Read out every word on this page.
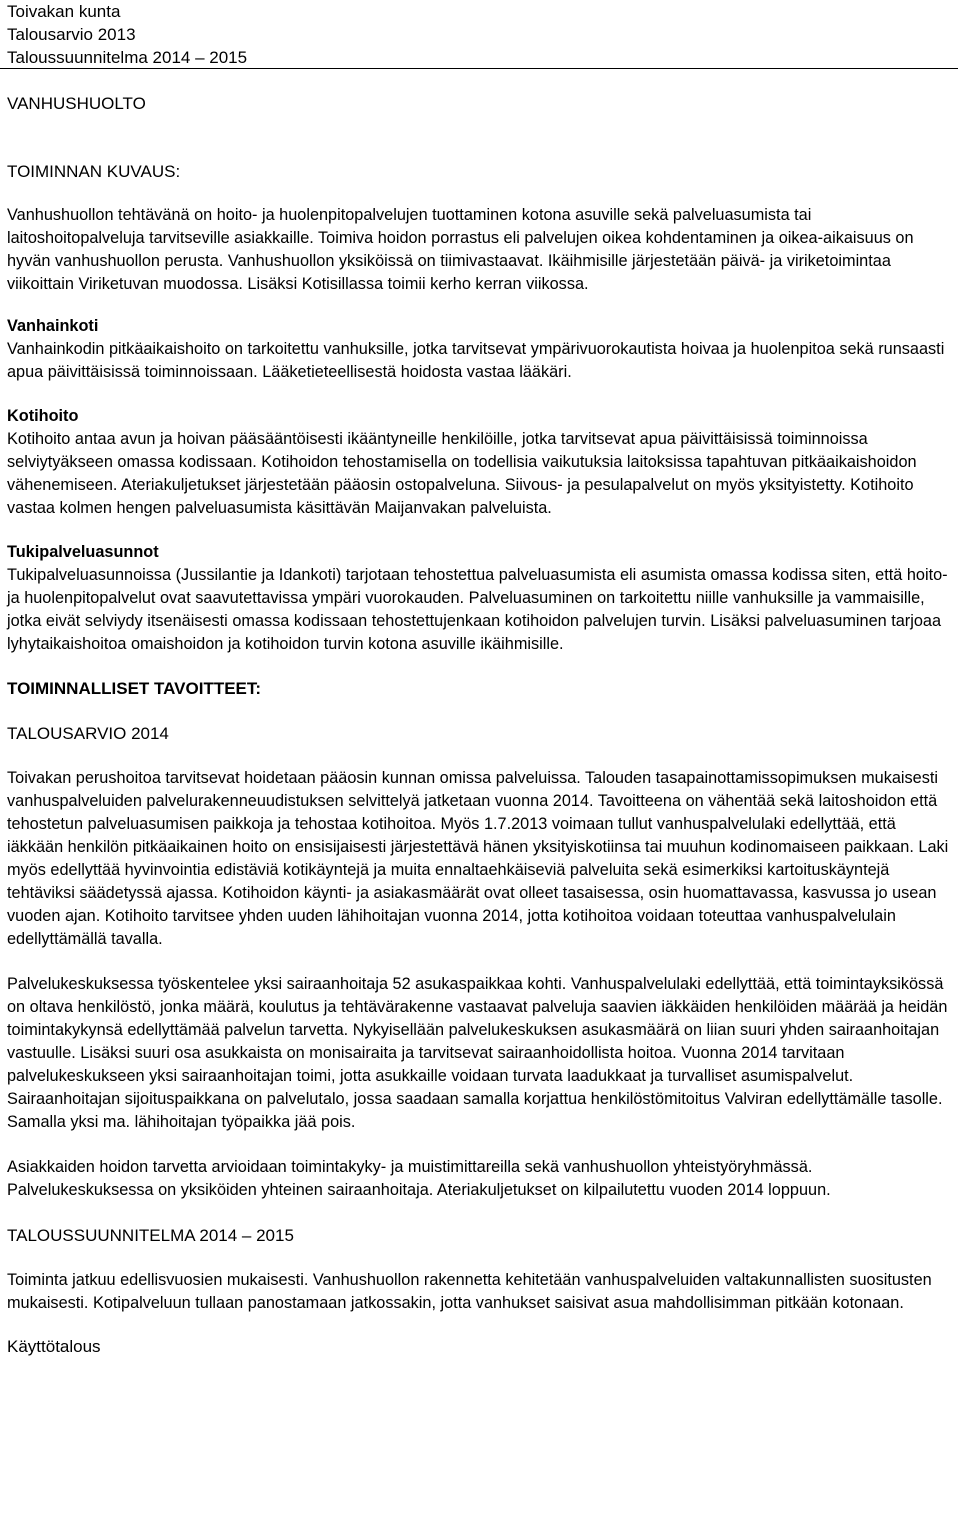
Toivakan kunta
Talousarvio 2013
Taloussuunnitelma 2014 – 2015
VANHUSHUOLTO
TOIMINNAN KUVAUS:

Vanhushuollon tehtävänä on hoito- ja huolenpitopalvelujen tuottaminen kotona asuville sekä palveluasumista tai laitoshoitopalveluja tarvitseville asiakkaille. Toimiva hoidon porrastus eli palvelujen oikea kohdentaminen ja oikea-aikaisuus on hyvän vanhushuollon perusta. Vanhushuollon yksiköissä on tiimivastaavat. Ikäihmisille järjestetään päivä- ja viriketoimintaa viikoittain Viriketuvan muodossa. Lisäksi Kotisillassa toimii kerho kerran viikossa.

Vanhainkoti

Vanhainkodin pitkäaikaishoito on tarkoitettu vanhuksille, jotka tarvitsevat ympärivuorokautista hoivaa ja huolenpitoa sekä runsaasti apua päivittäisissä toiminnoissaan. Lääketieteellisestä hoidosta vastaa lääkäri.

Kotihoito

Kotihoito antaa avun ja hoivan pääsääntöisesti ikääntyneille henkilöille, jotka tarvitsevat apua päivittäisissä toiminnoissa selviytyäkseen omassa kodissaan. Kotihoidon tehostamisella on todellisia vaikutuksia laitoksissa tapahtuvan pitkäaikaishoidon vähenemiseen. Ateriakuljetukset järjestetään pääosin ostopalveluna. Siivous- ja pesulapalvelut on myös yksityistetty. Kotihoito vastaa kolmen hengen palveluasumista käsittävän Maijanvakan palveluista.

Tukipalveluasunnot

Tukipalveluasunnoissa (Jussilantie ja Idankoti) tarjotaan tehostettua palveluasumista eli asumista omassa kodissa siten, että hoito- ja huolenpitopalvelut ovat saavutettavissa ympäri vuorokauden. Palveluasuminen on tarkoitettu niille vanhuksille ja vammaisille, jotka eivät selviydy itsenäisesti omassa kodissaan tehostettujenkaan kotihoidon palvelujen turvin. Lisäksi palveluasuminen tarjoaa lyhytaikaishoitoa omaishoidon ja kotihoidon turvin kotona asuville ikäihmisille.

TOIMINNALLISET TAVOITTEET:
TALOUSARVIO 2014

Toivakan perushoitoa tarvitsevat hoidetaan pääosin kunnan omissa palveluissa. Talouden tasapainottamissopimuksen mukaisesti vanhuspalveluiden palvelurakenneuudistuksen selvittelyä jatketaan vuonna 2014. Tavoitteena on vähentää sekä laitoshoidon että tehostetun palveluasumisen paikkoja ja tehostaa kotihoitoa. Myös 1.7.2013 voimaan tullut vanhuspalvelulaki edellyttää, että iäkkään henkilön pitkäaikainen hoito on ensisijaisesti järjestettävä hänen yksityiskotiinsa tai muuhun kodinomaiseen paikkaan. Laki myös edellyttää hyvinvointia edistäviä kotikäyntejä ja muita ennaltaehkäiseviä palveluita sekä esimerkiksi kartoituskäyntejä tehtäviksi säädetyssä ajassa. Kotihoidon käynti- ja asiakasmäärät ovat olleet tasaisessa, osin huomattavassa, kasvussa jo usean vuoden ajan. Kotihoito tarvitsee yhden uuden lähihoitajan vuonna 2014, jotta kotihoitoa voidaan toteuttaa vanhuspalvelulain edellyttämällä tavalla.

Palvelukeskuksessa työskentelee yksi sairaanhoitaja 52 asukaspaikkaa kohti. Vanhuspalvelulaki edellyttää, että toimintayksikössä on oltava henkilöstö, jonka määrä, koulutus ja tehtävärakenne vastaavat palveluja saavien iäkkäiden henkilöiden määrää ja heidän toimintakykynsä edellyttämää palvelun tarvetta. Nykyisellään palvelukeskuksen asukasmäärä on liian suuri yhden sairaanhoitajan vastuulle. Lisäksi suuri osa asukkaista on monisairaita ja tarvitsevat sairaanhoidollista hoitoa. Vuonna 2014 tarvitaan palvelukeskukseen yksi sairaanhoitajan toimi, jotta asukkaille voidaan turvata laadukkaat ja turvalliset asumispalvelut. Sairaanhoitajan sijoituspaikkana on palvelutalo, jossa saadaan samalla korjattua henkilöstömitoitus Valviran edellyttämälle tasolle. Samalla yksi ma. lähihoitajan työpaikka jää pois.

Asiakkaiden hoidon tarvetta arvioidaan toimintakyky- ja muistimittareilla sekä vanhushuollon yhteistyöryhmässä. Palvelukeskuksessa on yksiköiden yhteinen sairaanhoitaja. Ateriakuljetukset on kilpailutettu vuoden 2014 loppuun.

TALOUSSUUNNITELMA 2014 – 2015

Toiminta jatkuu edellisvuosien mukaisesti. Vanhushuollon rakennetta kehitetään vanhuspalveluiden valtakunnallisten suositusten mukaisesti. Kotipalveluun tullaan panostamaan jatkossakin, jotta vanhukset saisivat asua mahdollisimman pitkään kotonaan.

Käyttötalous
